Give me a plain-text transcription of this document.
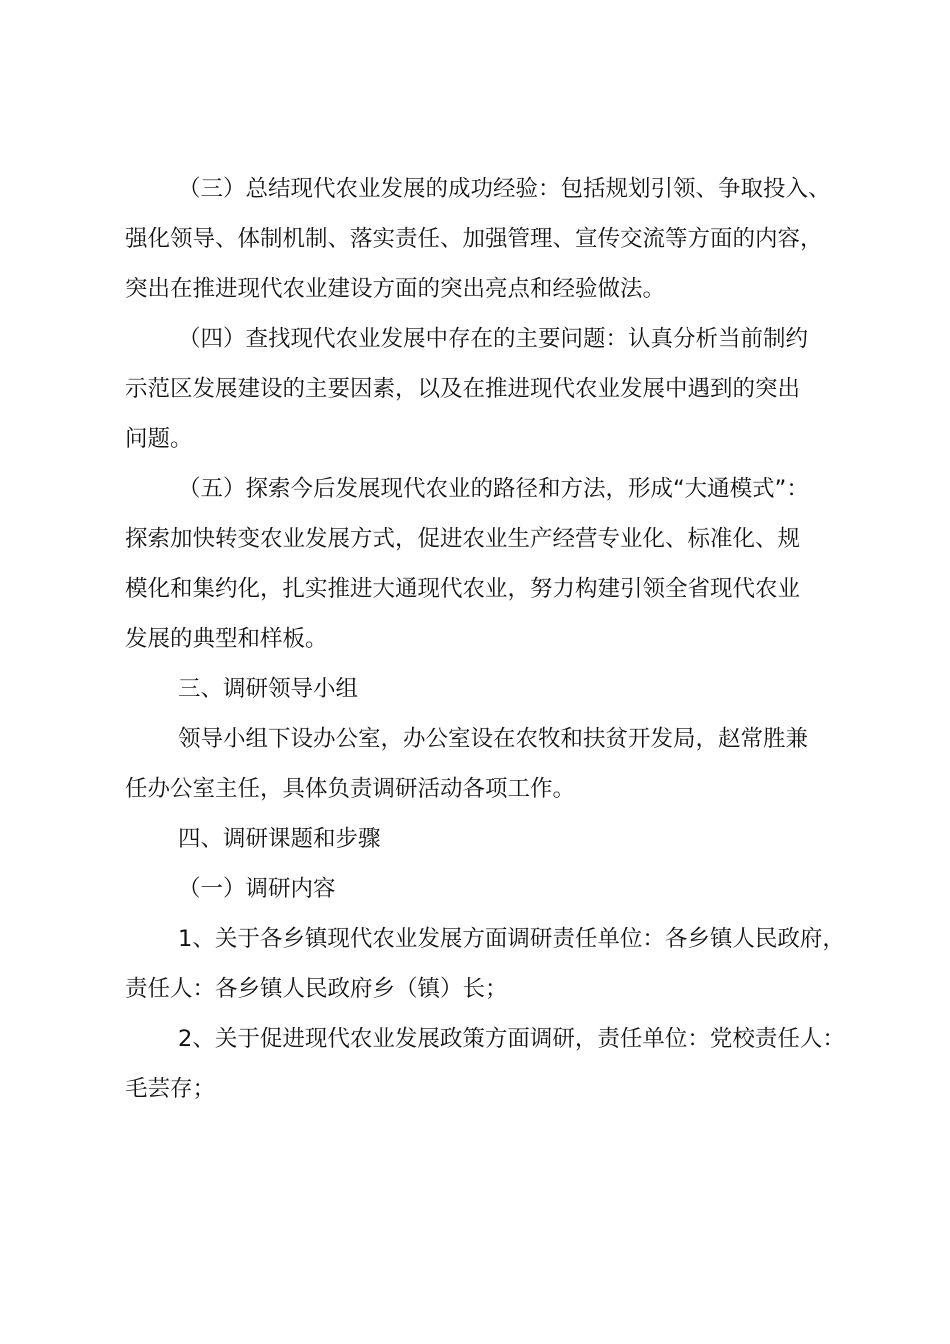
（三）总结现代农业发展的成功经验：包括规划引领、争取投入、

强化领导、体制机制、落实责任、加强管理、宣传交流等方面的内容，

突出在推进现代农业建设方面的突出亮点和经验做法。

（四）查找现代农业发展中存在的主要问题：认真分析当前制约

示范区发展建设的主要因素，以及在推进现代农业发展中遇到的突出

问题。

（五）探索今后发展现代农业的路径和方法，形成“大通模式”：

探索加快转变农业发展方式，促进农业生产经营专业化、标准化、规

模化和集约化，扎实推进大通现代农业，努力构建引领全省现代农业

发展的典型和样板。

三、调研领导小组

领导小组下设办公室，办公室设在农牧和扶贫开发局，赵常胜兼

任办公室主任，具体负责调研活动各项工作。

四、调研课题和步骤

（一）调研内容

1、关于各乡镇现代农业发展方面调研责任单位：各乡镇人民政府，

责任人：各乡镇人民政府乡（镇）长；

2、关于促进现代农业发展政策方面调研，责任单位：党校责任人：

毛芸存；
